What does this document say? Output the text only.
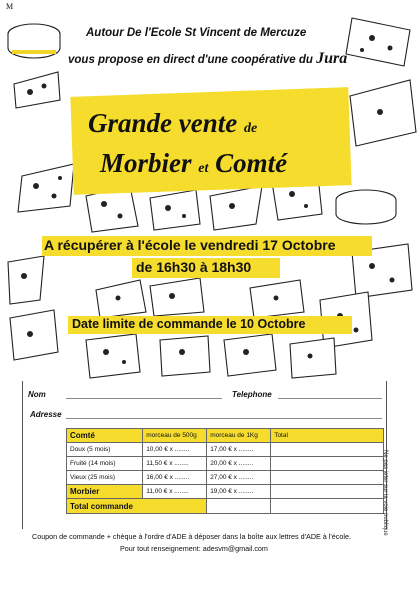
M
Autour De l'Ecole St Vincent de Mercuze
vous propose en direct d'une coopérative du Jura
Grande vente de
Morbier et Comté
A récupérer à l'école le vendredi 17 Octobre
de 16h30 à 18h30
Date limite de commande le 10 Octobre
Nom	Telephone
Adresse
Comté	morceau de 500g	morceau de 1Kg	Total
Doux (5 mois)	10,00 € x ........	17,00 € x ........	
Fruité (14 mois)	11,50 € x ........	20,00 € x ........	
Vieux (25 mois)	16,00 € x ........	27,00 € x ........	
Morbier	11,00 € x ........	19,00 € x ........	
Total commande			
Coupon de commande + chèque à l'ordre d'ADE à déposer dans la boîte aux lettres d'ADE à l'école.
Pour tout renseignement: adesvm@gmail.com
Ne pas jeter sur la voie publique
